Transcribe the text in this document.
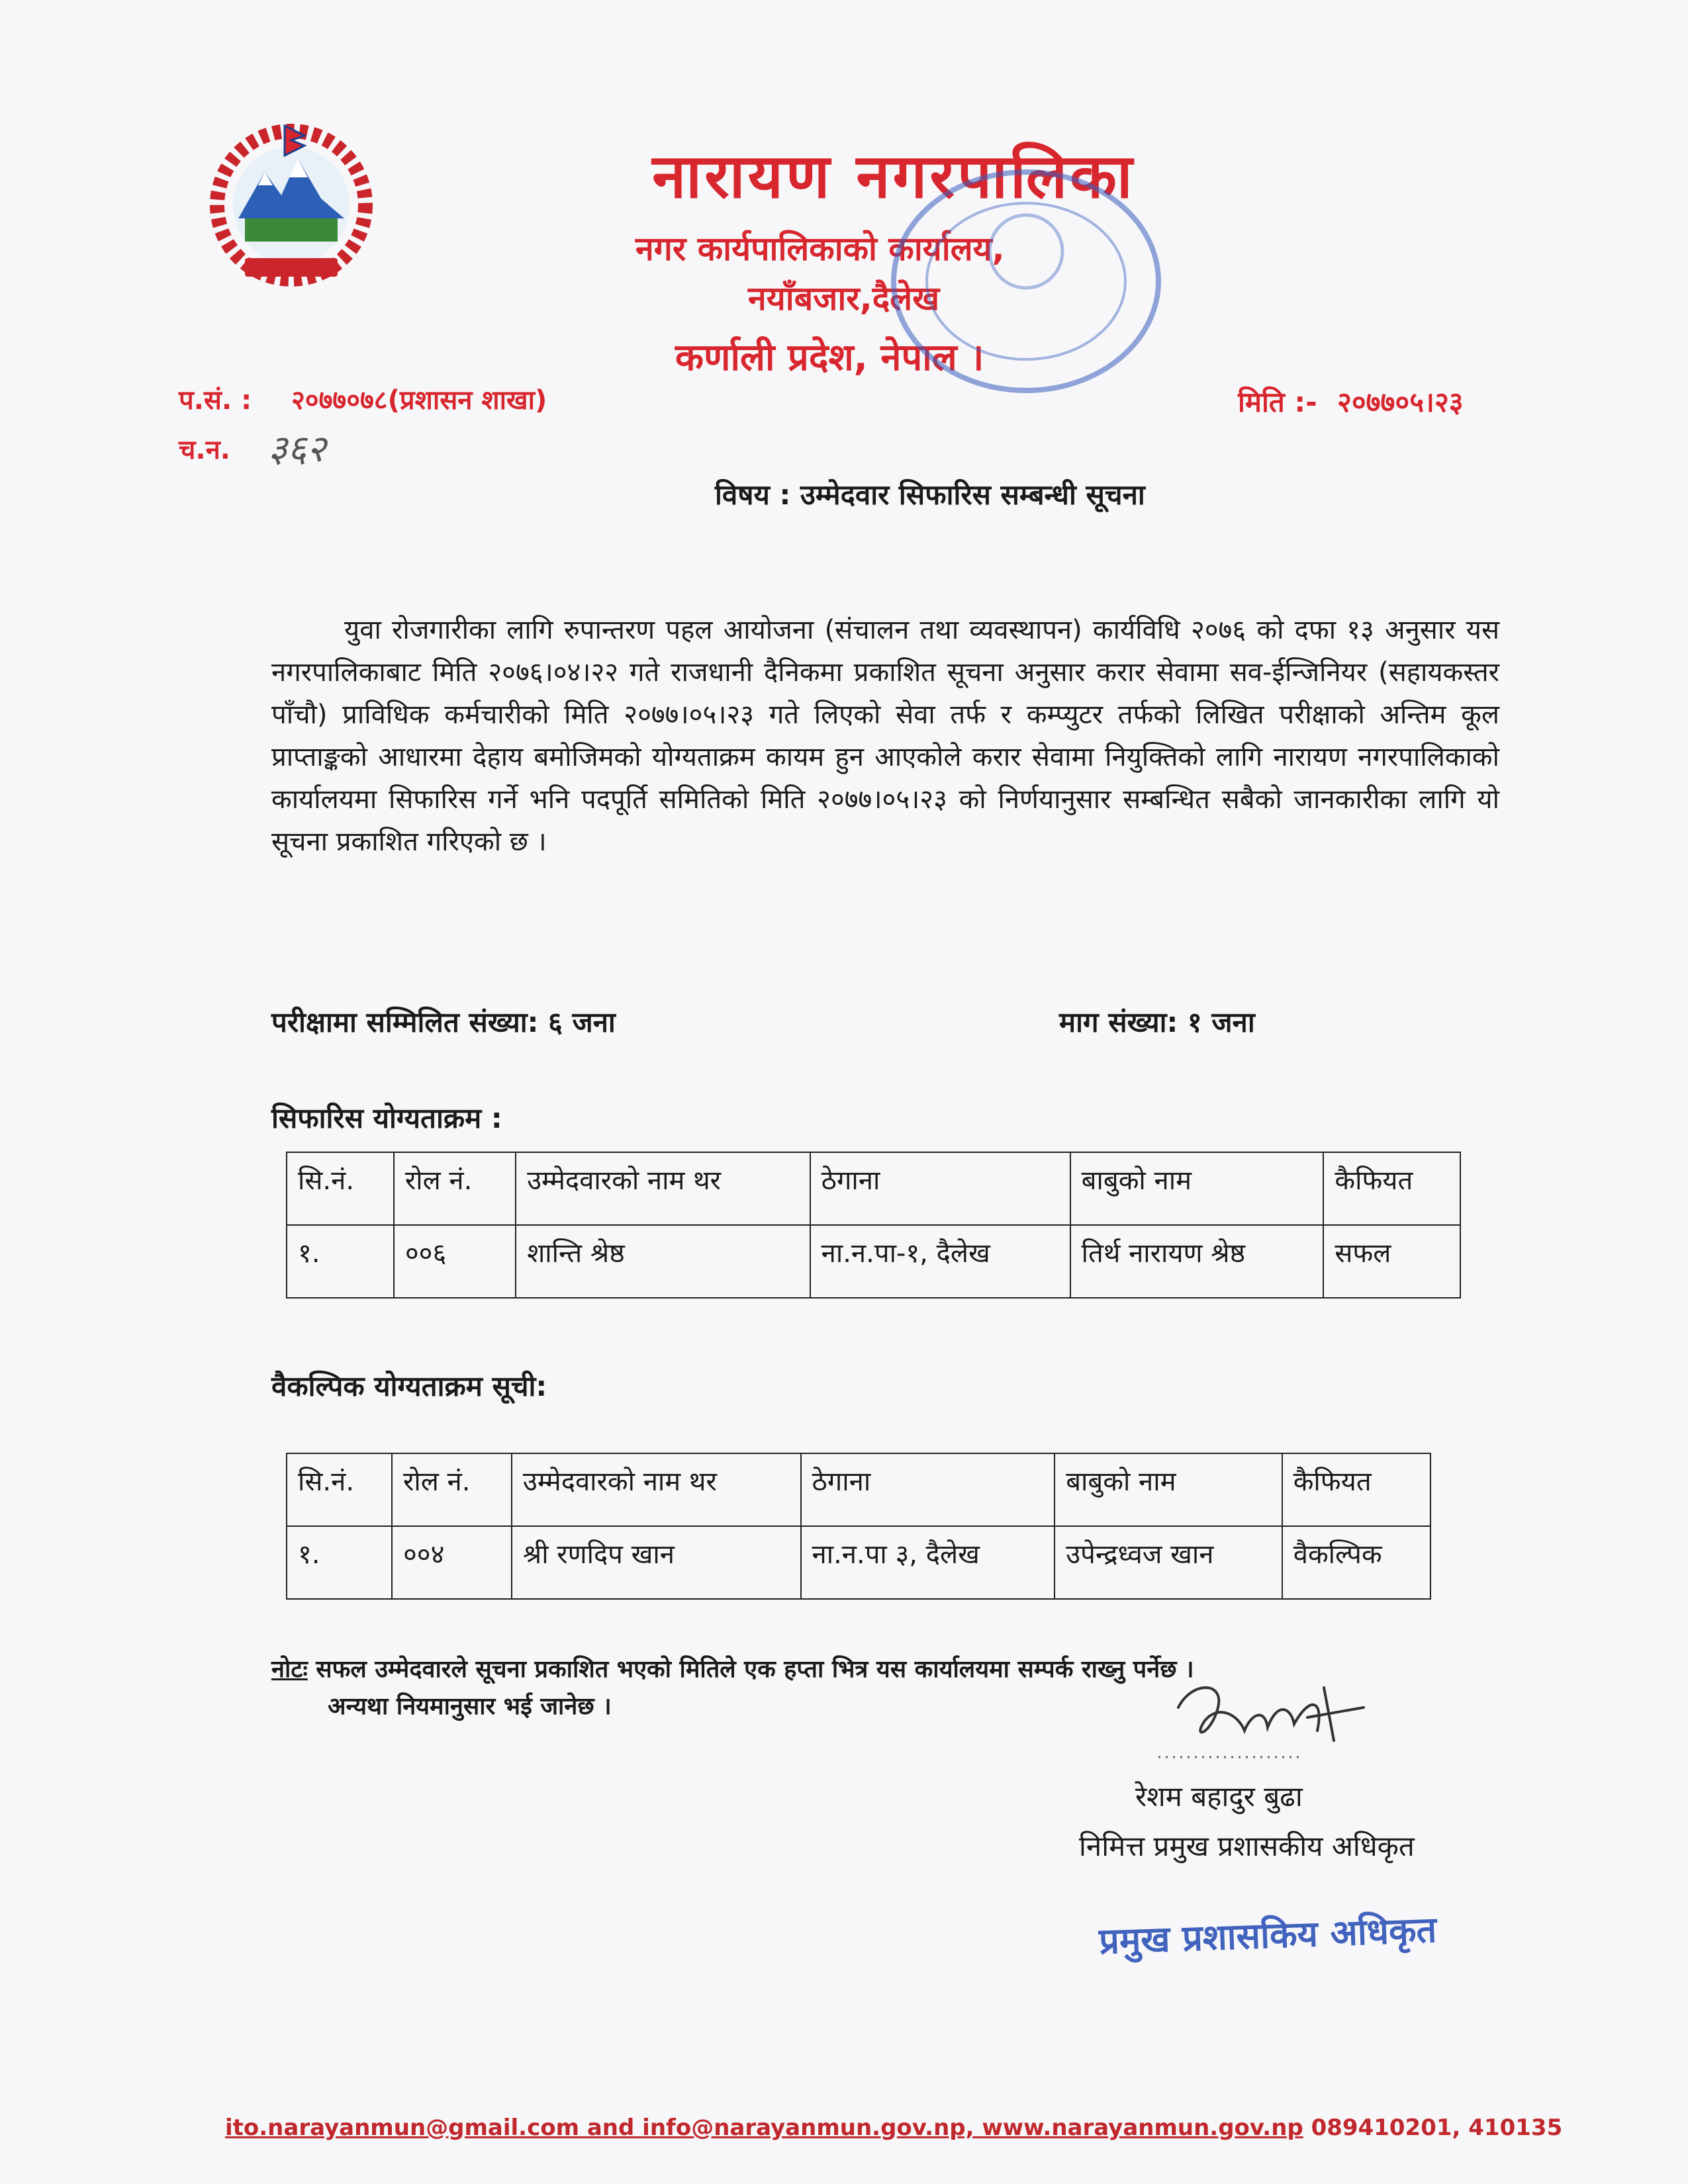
नारायण नगरपालिका
नगर कार्यपालिकाको कार्यालय,
नयाँबजार,दैलेख
कर्णाली प्रदेश, नेपाल ।
प.सं. : २०७७०७८(प्रशासन शाखा)	मिति :- २०७७०५।२३
च.न. ३६२
विषय : उम्मेदवार सिफारिस सम्बन्धी सूचना

युवा रोजगारीका लागि रुपान्तरण पहल आयोजना (संचालन तथा व्यवस्थापन) कार्यविधि २०७६ को दफा १३ अनुसार यस नगरपालिकाबाट मिति २०७६।०४।२२ गते राजधानी दैनिकमा प्रकाशित सूचना अनुसार करार सेवामा सव-ईन्जिनियर (सहायकस्तर पाँचौ) प्राविधिक कर्मचारीको मिति २०७७।०५।२३ गते लिएको सेवा तर्फ र कम्प्युटर तर्फको लिखित परीक्षाको अन्तिम कूल प्राप्ताङ्कको आधारमा देहाय बमोजिमको योग्यताक्रम कायम हुन आएकोले करार सेवामा नियुक्तिको लागि नारायण नगरपालिकाको कार्यालयमा सिफारिस गर्ने भनि पदपूर्ति समितिको मिति २०७७।०५।२३ को निर्णयानुसार सम्बन्धित सबैको जानकारीका लागि यो सूचना प्रकाशित गरिएको छ ।

परीक्षामा सम्मिलित संख्या: ६ जना	माग संख्या: १ जना
सिफारिस योग्यताक्रम :
सि.नं.	रोल नं.	उम्मेदवारको नाम थर	ठेगाना	बाबुको नाम	कैफियत
१.	००६	शान्ति श्रेष्ठ	ना.न.पा-१, दैलेख	तिर्थ नारायण श्रेष्ठ	सफल
वैकल्पिक योग्यताक्रम सूची:
सि.नं.	रोल नं.	उम्मेदवारको नाम थर	ठेगाना	बाबुको नाम	कैफियत
१.	००४	श्री रणदिप खान	ना.न.पा ३, दैलेख	उपेन्द्रध्वज खान	वैकल्पिक
नोटः सफल उम्मेदवारले सूचना प्रकाशित भएको मितिले एक हप्ता भित्र यस कार्यालयमा सम्पर्क राख्नु पर्नेछ ।
अन्यथा नियमानुसार भई जानेछ ।
रेशम बहादुर बुढा
निमित्त प्रमुख प्रशासकीय अधिकृत
प्रमुख प्रशासकिय अधिकृत
ito.narayanmun@gmail.com and info@narayanmun.gov.np, www.narayanmun.gov.np 089410201, 410135
